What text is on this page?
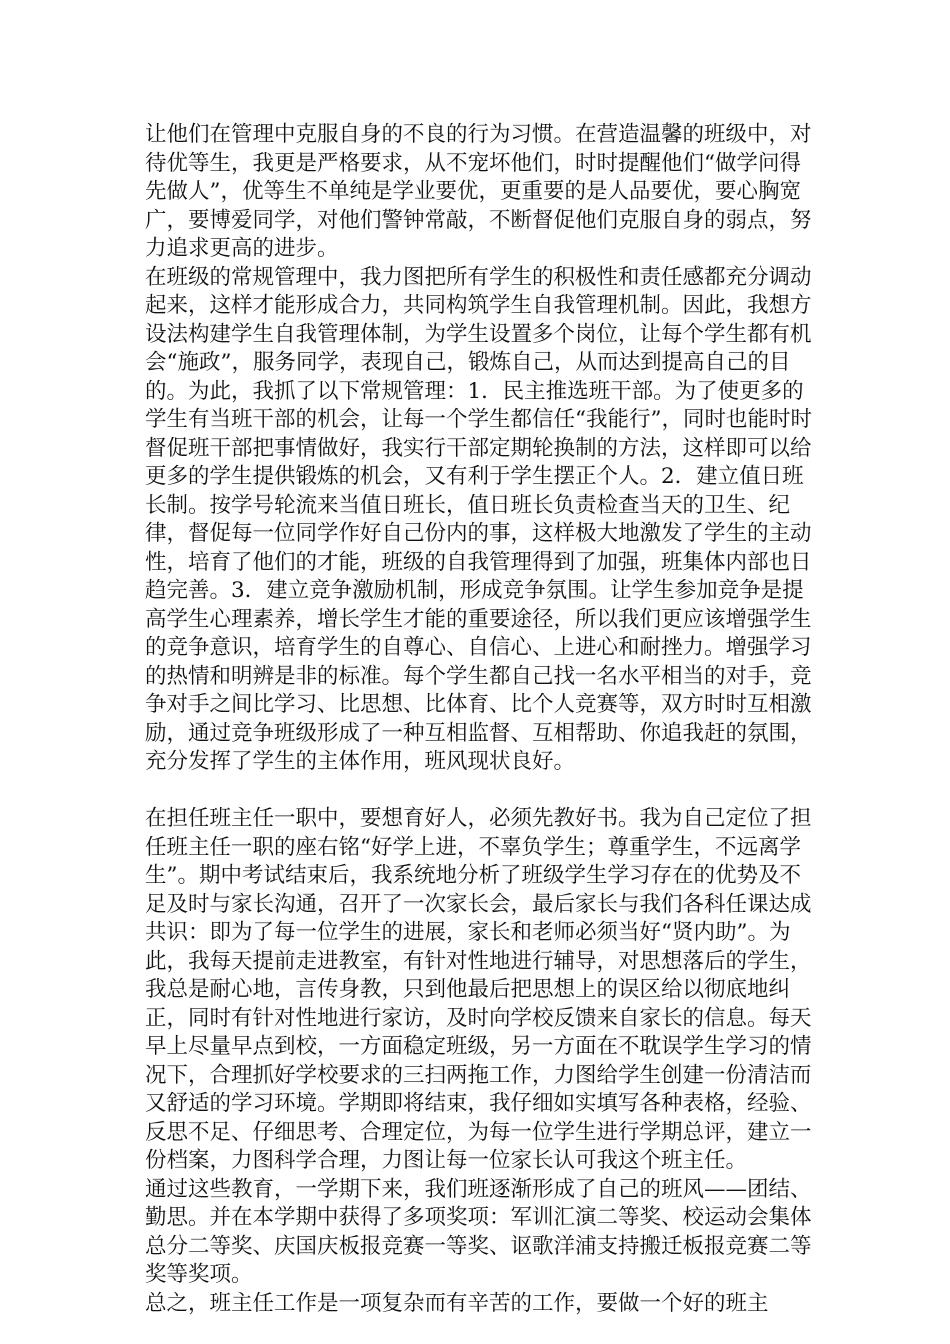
让他们在管理中克服自身的不良的行为习惯。在营造温馨的班级中，对待优等生，我更是严格要求，从不宠坏他们，时时提醒他们“做学问得先做人”，优等生不单纯是学业要优，更重要的是人品要优，要心胸宽广，要博爱同学，对他们警钟常敲，不断督促他们克服自身的弱点，努力追求更高的进步。

在班级的常规管理中，我力图把所有学生的积极性和责任感都充分调动起来，这样才能形成合力，共同构筑学生自我管理机制。因此，我想方设法构建学生自我管理体制，为学生设置多个岗位，让每个学生都有机会“施政”，服务同学，表现自己，锻炼自己，从而达到提高自己的目的。为此，我抓了以下常规管理：1．民主推选班干部。为了使更多的学生有当班干部的机会，让每一个学生都信任“我能行”，同时也能时时督促班干部把事情做好，我实行干部定期轮换制的方法，这样即可以给更多的学生提供锻炼的机会，又有利于学生摆正个人。2．建立值日班长制。按学号轮流来当值日班长，值日班长负责检查当天的卫生、纪律，督促每一位同学作好自己份内的事，这样极大地激发了学生的主动性，培育了他们的才能，班级的自我管理得到了加强，班集体内部也日趋完善。3．建立竞争激励机制，形成竞争氛围。让学生参加竞争是提高学生心理素养，增长学生才能的重要途径，所以我们更应该增强学生的竞争意识，培育学生的自尊心、自信心、上进心和耐挫力。增强学习的热情和明辨是非的标准。每个学生都自己找一名水平相当的对手，竞争对手之间比学习、比思想、比体育、比个人竞赛等，双方时时互相激励，通过竞争班级形成了一种互相监督、互相帮助、你追我赶的氛围，充分发挥了学生的主体作用，班风现状良好。

在担任班主任一职中，要想育好人，必须先教好书。我为自己定位了担任班主任一职的座右铭“好学上进，不辜负学生；尊重学生，不远离学生”。期中考试结束后，我系统地分析了班级学生学习存在的优势及不足及时与家长沟通，召开了一次家长会，最后家长与我们各科任课达成共识：即为了每一位学生的进展，家长和老师必须当好“贤内助”。为此，我每天提前走进教室，有针对性地进行辅导，对思想落后的学生，我总是耐心地，言传身教，只到他最后把思想上的误区给以彻底地纠正，同时有针对性地进行家访，及时向学校反馈来自家长的信息。每天早上尽量早点到校，一方面稳定班级，另一方面在不耽误学生学习的情况下，合理抓好学校要求的三扫两拖工作，力图给学生创建一份清洁而又舒适的学习环境。学期即将结束，我仔细如实填写各种表格，经验、反思不足、仔细思考、合理定位，为每一位学生进行学期总评，建立一份档案，力图科学合理，力图让每一位家长认可我这个班主任。

通过这些教育，一学期下来，我们班逐渐形成了自己的班风——团结、勤思。并在本学期中获得了多项奖项：军训汇演二等奖、校运动会集体总分二等奖、庆国庆板报竞赛一等奖、讴歌洋浦支持搬迁板报竞赛二等奖等奖项。

总之，班主任工作是一项复杂而有辛苦的工作，要做一个好的班主
